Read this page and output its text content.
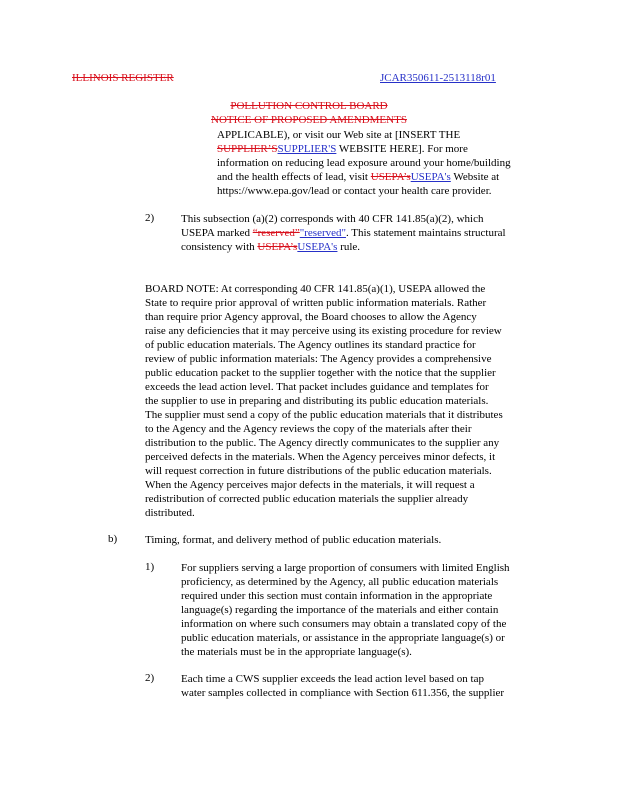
ILLINOIS REGISTER	JCAR350611-2513118r01
POLLUTION CONTROL BOARD
NOTICE OF PROPOSED AMENDMENTS
APPLICABLE), or visit our Web site at [INSERT THE
SUPPLIER’SSUPPLIER'S WEBSITE HERE]. For more
information on reducing lead exposure around your home/building
and the health effects of lead, visit USEPA’sUSEPA's Website at
https://www.epa.gov/lead or contact your health care provider.
2) This subsection (a)(2) corresponds with 40 CFR 141.85(a)(2), which
USEPA marked “reserved”"reserved". This statement maintains structural
consistency with USEPA’sUSEPA's rule.
BOARD NOTE: At corresponding 40 CFR 141.85(a)(1), USEPA allowed the
State to require prior approval of written public information materials. Rather
than require prior Agency approval, the Board chooses to allow the Agency
raise any deficiencies that it may perceive using its existing procedure for review
of public education materials. The Agency outlines its standard practice for
review of public information materials: The Agency provides a comprehensive
public education packet to the supplier together with the notice that the supplier
exceeds the lead action level. That packet includes guidance and templates for
the supplier to use in preparing and distributing its public education materials.
The supplier must send a copy of the public education materials that it distributes
to the Agency and the Agency reviews the copy of the materials after their
distribution to the public. The Agency directly communicates to the supplier any
perceived defects in the materials. When the Agency perceives minor defects, it
will request correction in future distributions of the public education materials.
When the Agency perceives major defects in the materials, it will request a
redistribution of corrected public education materials the supplier already
distributed.
b)	Timing, format, and delivery method of public education materials.
1) For suppliers serving a large proportion of consumers with limited English
proficiency, as determined by the Agency, all public education materials
required under this section must contain information in the appropriate
language(s) regarding the importance of the materials and either contain
information on where such consumers may obtain a translated copy of the
public education materials, or assistance in the appropriate language(s) or
the materials must be in the appropriate language(s).
2) Each time a CWS supplier exceeds the lead action level based on tap
water samples collected in compliance with Section 611.356, the supplier
